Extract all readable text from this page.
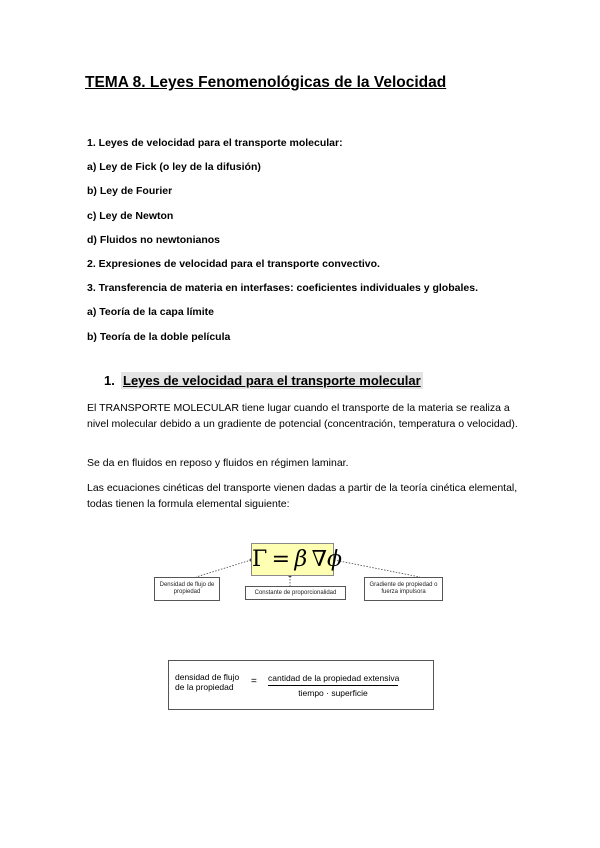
TEMA 8. Leyes Fenomenológicas de la Velocidad
1. Leyes de velocidad para el transporte molecular:
a) Ley de Fick (o ley de la difusión)
b) Ley de Fourier
c) Ley de Newton
d) Fluidos no newtonianos
2. Expresiones de velocidad para el transporte convectivo.
3. Transferencia de materia en interfases: coeficientes individuales y globales.
a) Teoría de la capa límite
b) Teoría de la doble película
1. Leyes de velocidad para el transporte molecular
El TRANSPORTE MOLECULAR tiene lugar cuando el transporte de la materia se realiza a nivel molecular debido a un gradiente de potencial (concentración, temperatura o velocidad).
Se da en fluidos en reposo y fluidos en régimen laminar.
Las ecuaciones cinéticas del transporte vienen dadas a partir de la teoría cinética elemental, todas tienen la formula elemental siguiente:
Γ  =  β  ∇ϕ
Densidad de flujo de propiedad	Constante de proporcionalidad
Gradiente de propiedad o fuerza impulsora
densidad de flujo
de la propiedad	= cantidad de la propiedad extensiva
tiempo · superficie
